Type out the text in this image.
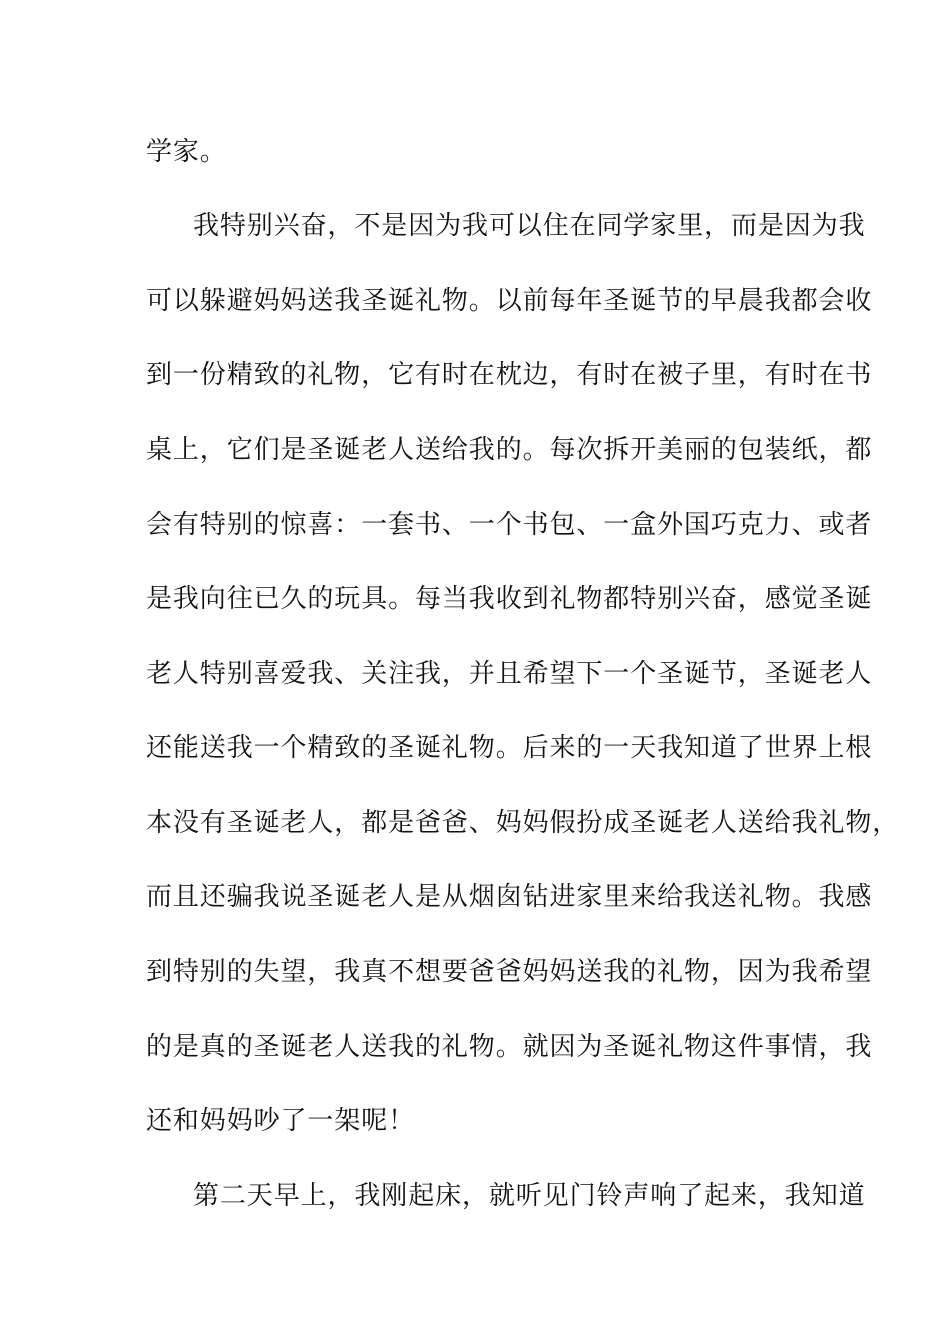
学家。
我特别兴奋，不是因为我可以住在同学家里，而是因为我
可以躲避妈妈送我圣诞礼物。以前每年圣诞节的早晨我都会收
到一份精致的礼物，它有时在枕边，有时在被子里，有时在书
桌上，它们是圣诞老人送给我的。每次拆开美丽的包装纸，都
会有特别的惊喜：一套书、一个书包、一盒外国巧克力、或者
是我向往已久的玩具。每当我收到礼物都特别兴奋，感觉圣诞
老人特别喜爱我、关注我，并且希望下一个圣诞节，圣诞老人
还能送我一个精致的圣诞礼物。后来的一天我知道了世界上根
本没有圣诞老人，都是爸爸、妈妈假扮成圣诞老人送给我礼物，
而且还骗我说圣诞老人是从烟囱钻进家里来给我送礼物。我感
到特别的失望，我真不想要爸爸妈妈送我的礼物，因为我希望
的是真的圣诞老人送我的礼物。就因为圣诞礼物这件事情，我
还和妈妈吵了一架呢！
第二天早上，我刚起床，就听见门铃声响了起来，我知道
